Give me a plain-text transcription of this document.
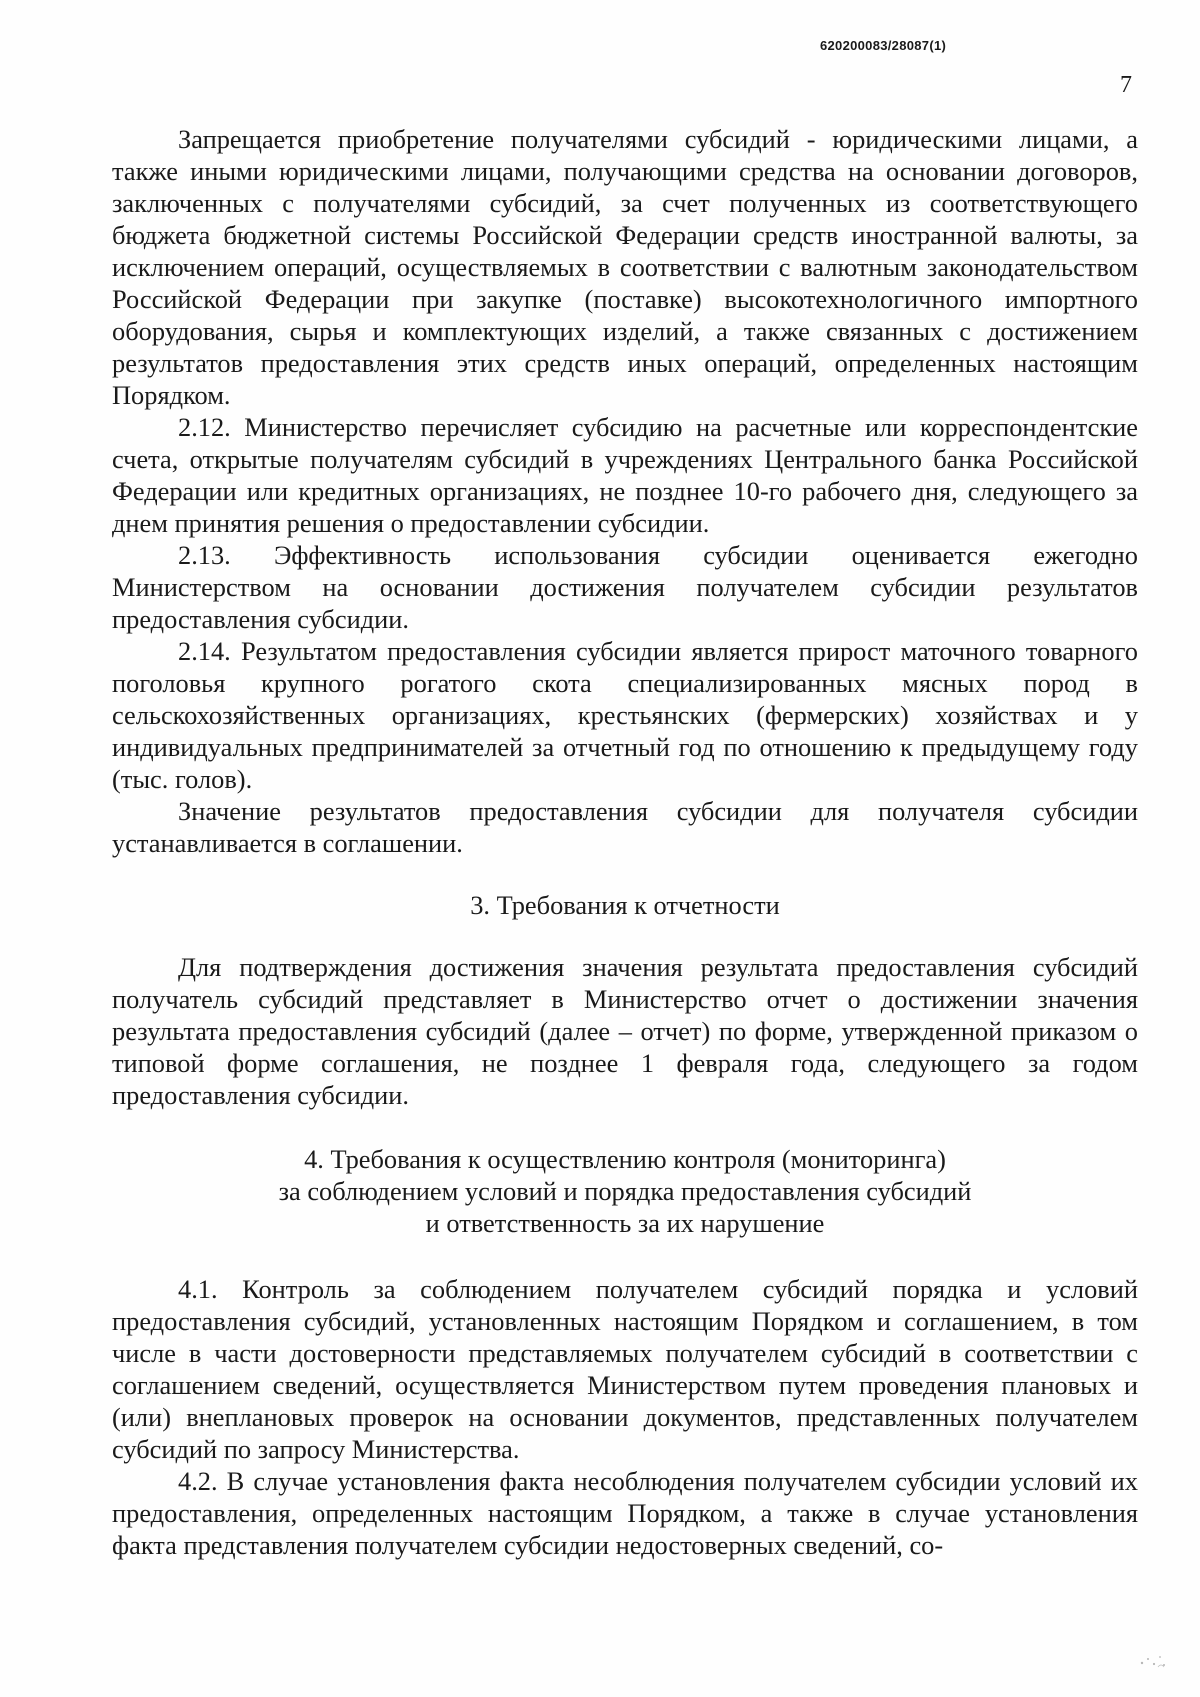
620200083/28087(1)
7

Запрещается приобретение получателями субсидий - юридическими лицами, а также иными юридическими лицами, получающими средства на основании договоров, заключенных с получателями субсидий, за счет полученных из соответствующего бюджета бюджетной системы Российской Федерации средств иностранной валюты, за исключением операций, осуществляемых в соответствии с валютным законодательством Российской Федерации при закупке (поставке) высокотехнологичного импортного оборудования, сырья и комплектующих изделий, а также связанных с достижением результатов предоставления этих средств иных операций, определенных настоящим Порядком.

2.12. Министерство перечисляет субсидию на расчетные или корреспондентские счета, открытые получателям субсидий в учреждениях Центрального банка Российской Федерации или кредитных организациях, не позднее 10-го рабочего дня, следующего за днем принятия решения о предоставлении субсидии.

2.13. Эффективность использования субсидии оценивается ежегодно Министерством на основании достижения получателем субсидии результатов предоставления субсидии.

2.14. Результатом предоставления субсидии является прирост маточного товарного поголовья крупного рогатого скота специализированных мясных пород в сельскохозяйственных организациях, крестьянских (фермерских) хозяйствах и у индивидуальных предпринимателей за отчетный год по отношению к предыдущему году (тыс. голов).

Значение результатов предоставления субсидии для получателя субсидии устанавливается в соглашении.

3. Требования к отчетности

Для подтверждения достижения значения результата предоставления субсидий получатель субсидий представляет в Министерство отчет о достижении значения результата предоставления субсидий (далее – отчет) по форме, утвержденной приказом о типовой форме соглашения, не позднее 1 февраля года, следующего за годом предоставления субсидии.

4. Требования к осуществлению контроля (мониторинга)
за соблюдением условий и порядка предоставления субсидий
и ответственность за их нарушение

4.1. Контроль за соблюдением получателем субсидий порядка и условий предоставления субсидий, установленных настоящим Порядком и соглашением, в том числе в части достоверности представляемых получателем субсидий в соответствии с соглашением сведений, осуществляется Министерством путем проведения плановых и (или) внеплановых проверок на основании документов, представленных получателем субсидий по запросу Министерства.

4.2. В случае установления факта несоблюдения получателем субсидии условий их предоставления, определенных настоящим Порядком, а также в случае установления факта представления получателем субсидии недостоверных сведений, со-
